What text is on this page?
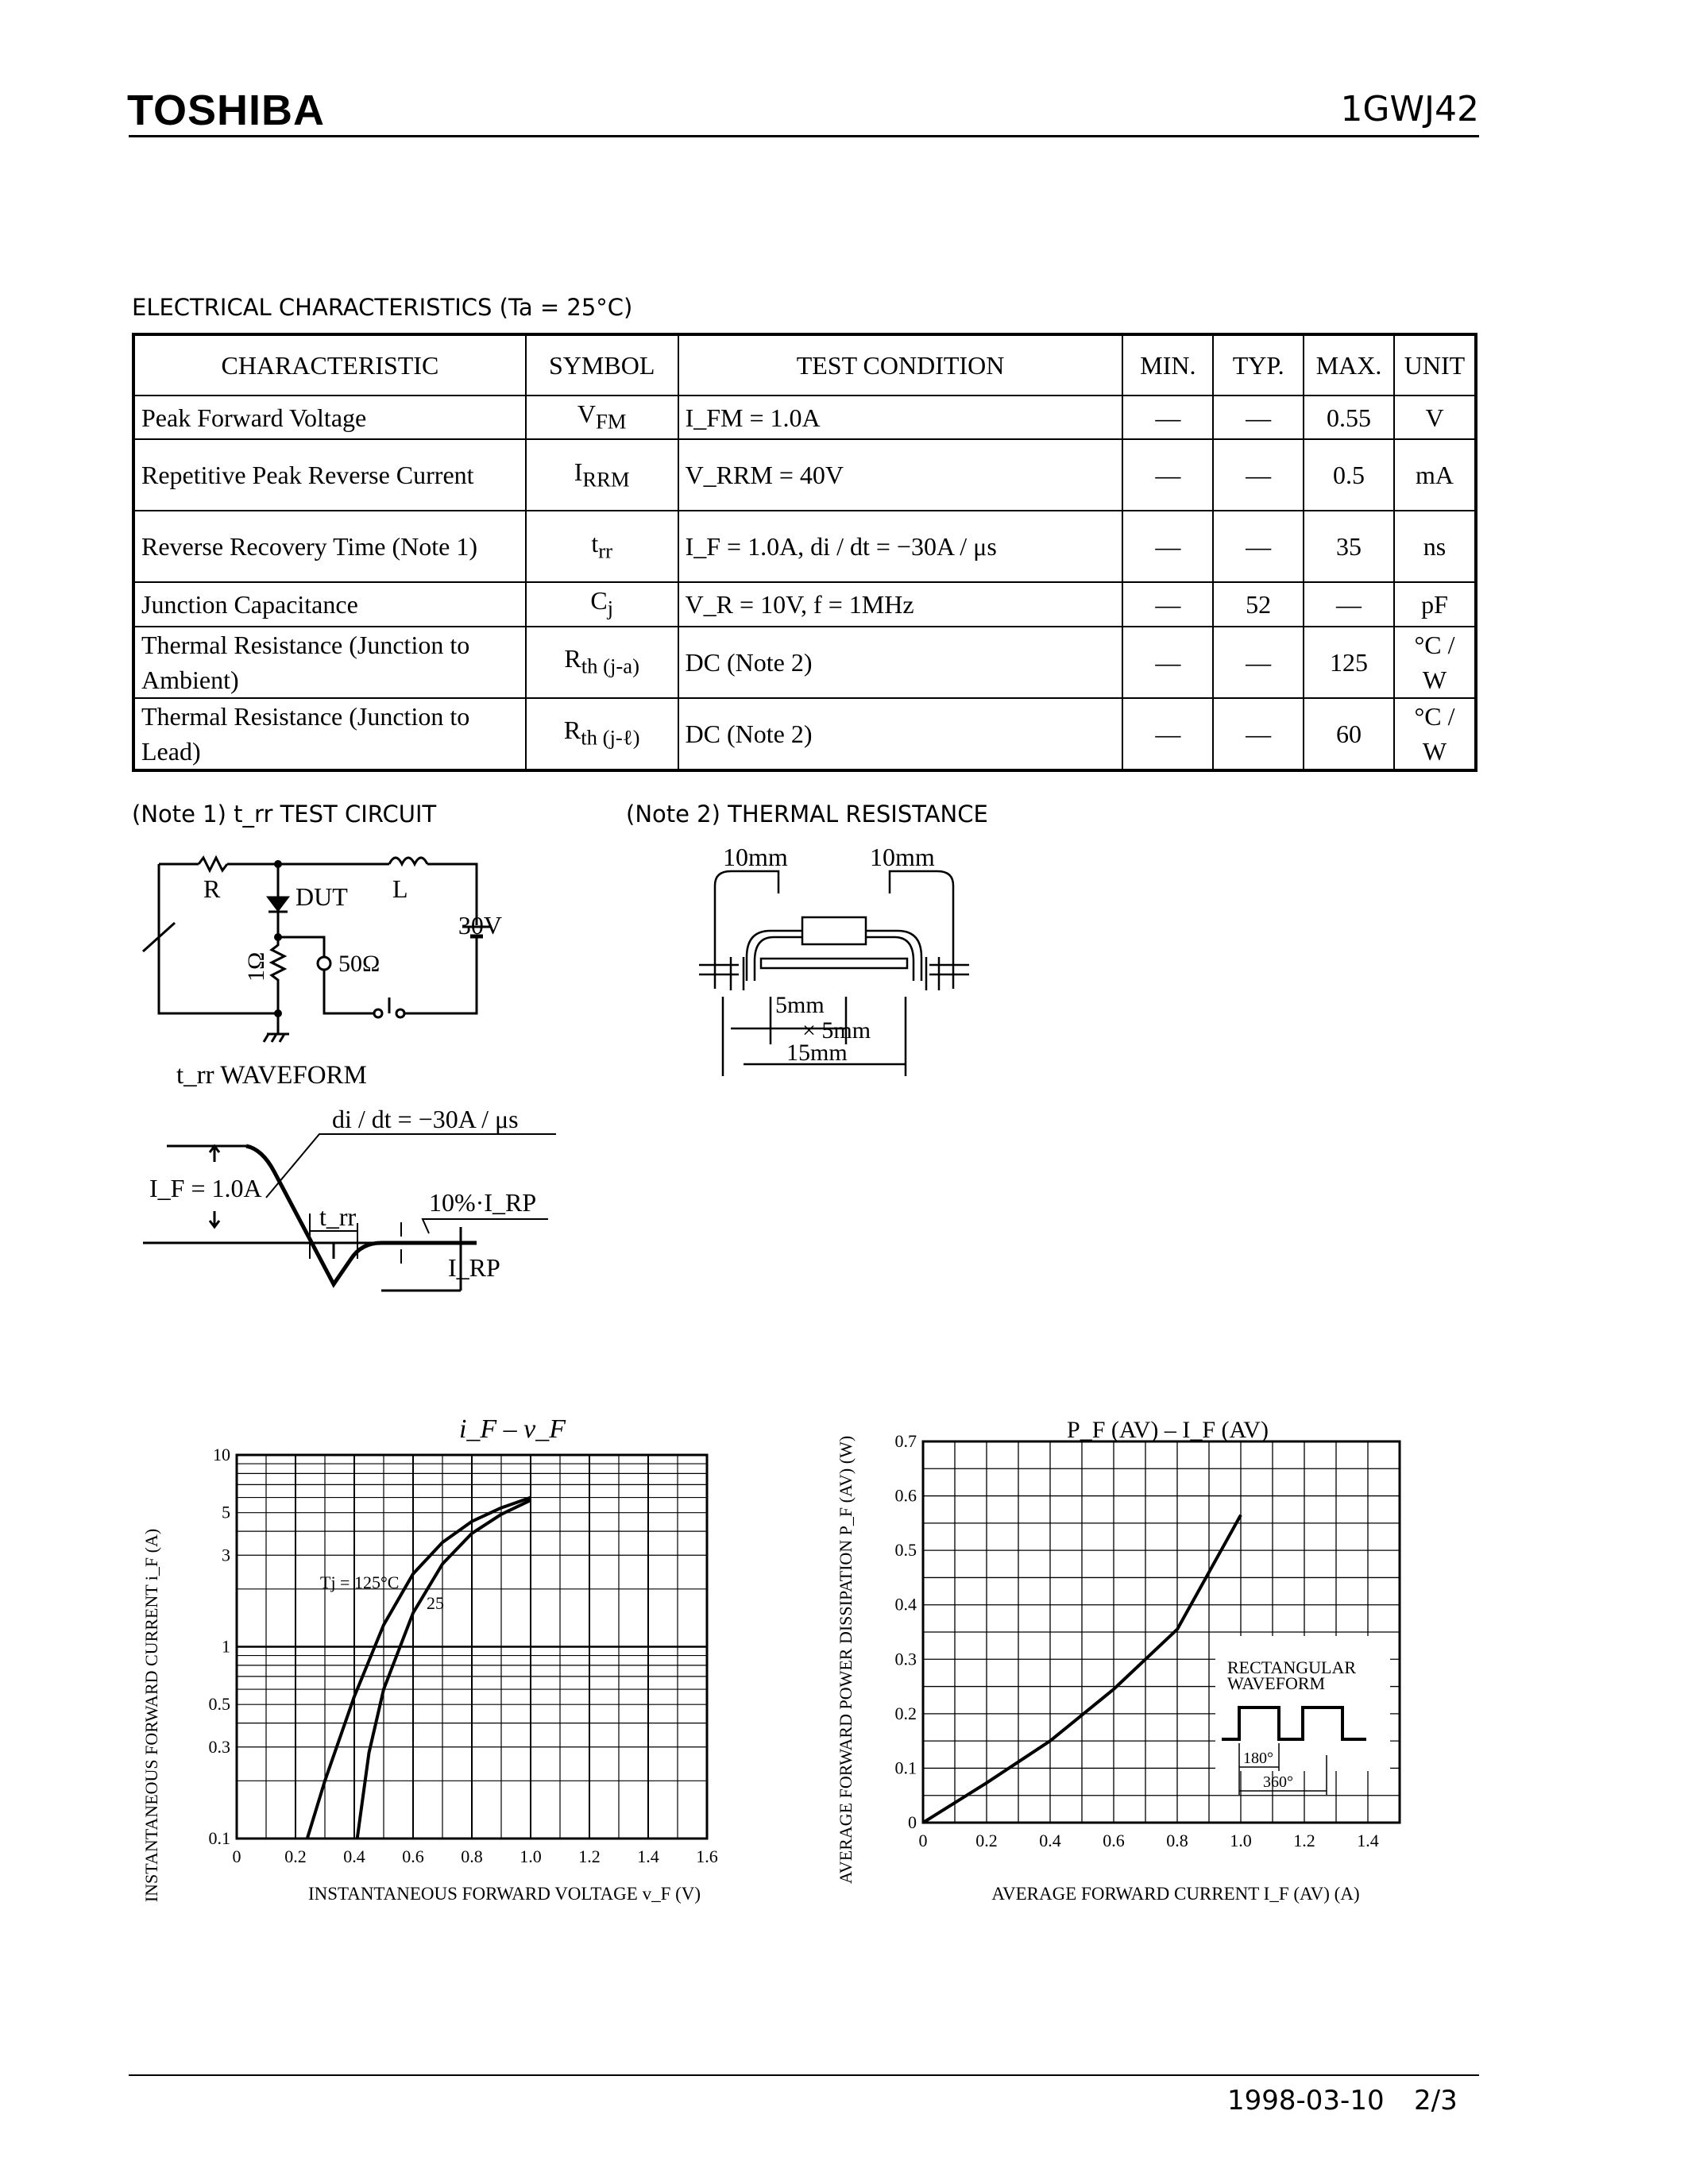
TOSHIBA	1GWJ42
ELECTRICAL CHARACTERISTICS (Ta = 25°C)
CHARACTERISTIC	SYMBOL	TEST CONDITION	MIN.	TYP.	MAX.	UNIT
Peak Forward Voltage	$V_{FM}$	I_FM = 1.0A	—	—	0.55	V
Repetitive Peak Reverse Current	$I_{RRM}$	V_RRM = 40V	—	—	0.5	mA
Reverse Recovery Time (Note 1)	$t_{rr}$	I_F = 1.0A, di / dt = −30A / μs	—	—	35	ns
Junction Capacitance	$C_j$	V_R = 10V, f = 1MHz	—	52	—	pF
Thermal Resistance (Junction to Ambient)	$R_{th (j-a)}$	DC (Note 2)	—	—	125	°C / W
Thermal Resistance (Junction to Lead)	$R_{th (j-\ell)}$	DC (Note 2)	—	—	60	°C / W
(Note 1) t_rr TEST CIRCUIT
R	L
DUT
30V
1Ω	50Ω
t_rr WAVEFORM
di / dt = −30A / μs
I_F = 1.0A
t_rr	10%·I_RP
I_RP
(Note 2) THERMAL RESISTANCE
10mm	10mm
5mm
× 5mm
15mm
i_F – v_F
0 0.2 0.4 0.6 0.8 1.0 1.2 1.4 1.6
10
5
3
1
0.5
0.3
0.1
Tj = 125°C
25
INSTANTANEOUS FORWARD VOLTAGE v_F (V)
INSTANTANEOUS FORWARD CURRENT i_F (A)
P_F (AV) – I_F (AV)
0	0.2 0.4 0.6 0.8 1.0 1.2 1.4
0
0.1
0.2
0.3
0.4
0.5
0.6
0.7
RECTANGULAR
WAVEFORM
180°
360°
AVERAGE FORWARD CURRENT I_F (AV) (A)
AVERAGE FORWARD POWER DISSIPATION P_F (AV) (W)
1998-03-10 2/3
